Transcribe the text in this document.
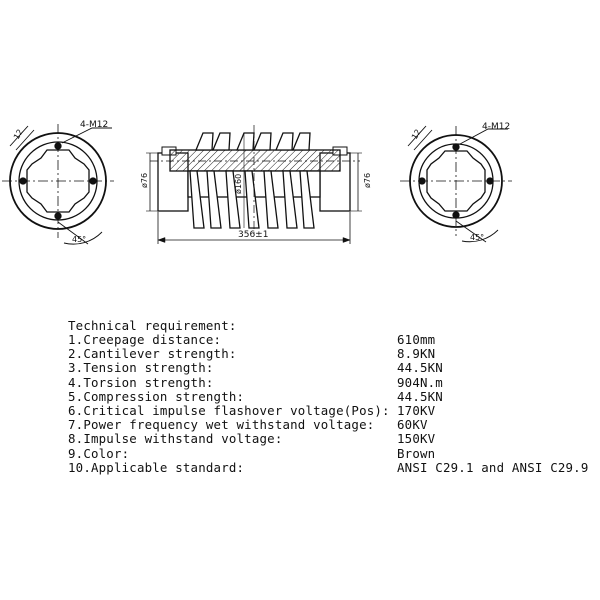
4-M12
12
45°
ø76	ø76
ø160
356±1
4-M12
12
45°
Technical requirement:
1.Creepage distance:	610mm
2.Cantilever strength:	8.9KN
3.Tension strength:	44.5KN
4.Torsion strength:	904N.m
5.Compression strength:	44.5KN
6.Critical impulse flashover voltage(Pos): 170KV
7.Power frequency wet withstand voltage: 60KV
8.Impulse withstand voltage:	150KV
9.Color:	Brown
10.Applicable standard:	ANSI C29.1 and ANSI C29.9
